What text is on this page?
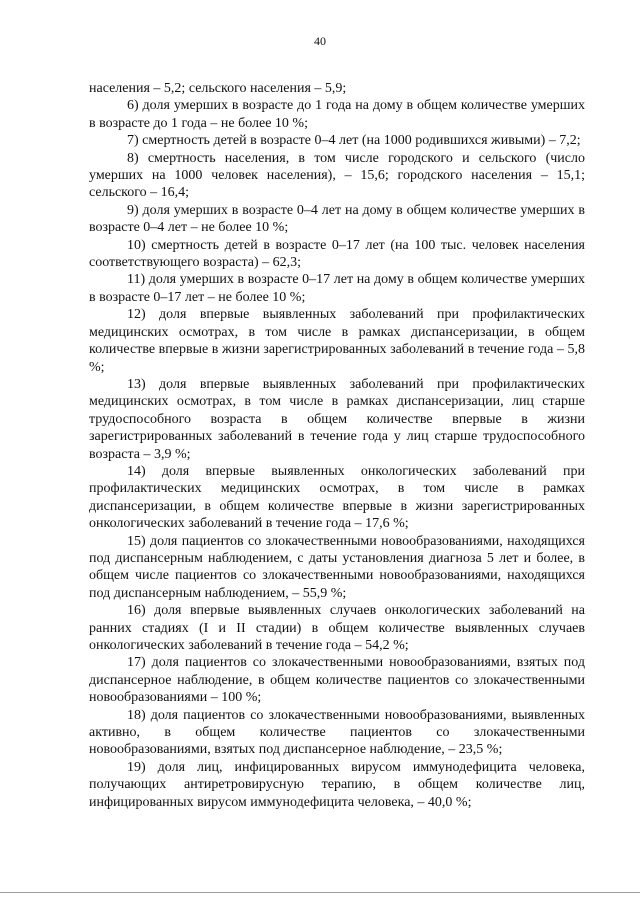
40

населения – 5,2; сельского населения – 5,9;

6) доля умерших в возрасте до 1 года на дому в общем количестве умерших в возрасте до 1 года – не более 10 %;

7) смертность детей в возрасте 0–4 лет (на 1000 родившихся живыми) – 7,2;

8) смертность населения, в том числе городского и сельского (число умерших на 1000 человек населения), – 15,6; городского населения – 15,1; сельского – 16,4;

9) доля умерших в возрасте 0–4 лет на дому в общем количестве умерших в возрасте 0–4 лет – не более 10 %;

10) смертность детей в возрасте 0–17 лет (на 100 тыс. человек населения соответствующего возраста) – 62,3;

11) доля умерших в возрасте 0–17 лет на дому в общем количестве умерших в возрасте 0–17 лет – не более 10 %;

12) доля впервые выявленных заболеваний при профилактических медицинских осмотрах, в том числе в рамках диспансеризации, в общем количестве впервые в жизни зарегистрированных заболеваний в течение года – 5,8 %;

13) доля впервые выявленных заболеваний при профилактических медицинских осмотрах, в том числе в рамках диспансеризации, лиц старше трудоспособного возраста в общем количестве впервые в жизни зарегистрированных заболеваний в течение года у лиц старше трудоспособного возраста – 3,9 %;

14) доля впервые выявленных онкологических заболеваний при профилактических медицинских осмотрах, в том числе в рамках диспансеризации, в общем количестве впервые в жизни зарегистрированных онкологических заболеваний в течение года – 17,6 %;

15) доля пациентов со злокачественными новообразованиями, находящихся под диспансерным наблюдением, с даты установления диагноза 5 лет и более, в общем числе пациентов со злокачественными новообразованиями, находящихся под диспансерным наблюдением, – 55,9 %;

16) доля впервые выявленных случаев онкологических заболеваний на ранних стадиях (I и II стадии) в общем количестве выявленных случаев онкологических заболеваний в течение года – 54,2 %;

17) доля пациентов со злокачественными новообразованиями, взятых под диспансерное наблюдение, в общем количестве пациентов со злокачественными новообразованиями – 100 %;

18) доля пациентов со злокачественными новообразованиями, выявленных активно, в общем количестве пациентов со злокачественными новообразованиями, взятых под диспансерное наблюдение, – 23,5 %;

19) доля лиц, инфицированных вирусом иммунодефицита человека, получающих антиретровирусную терапию, в общем количестве лиц, инфицированных вирусом иммунодефицита человека, – 40,0 %;
